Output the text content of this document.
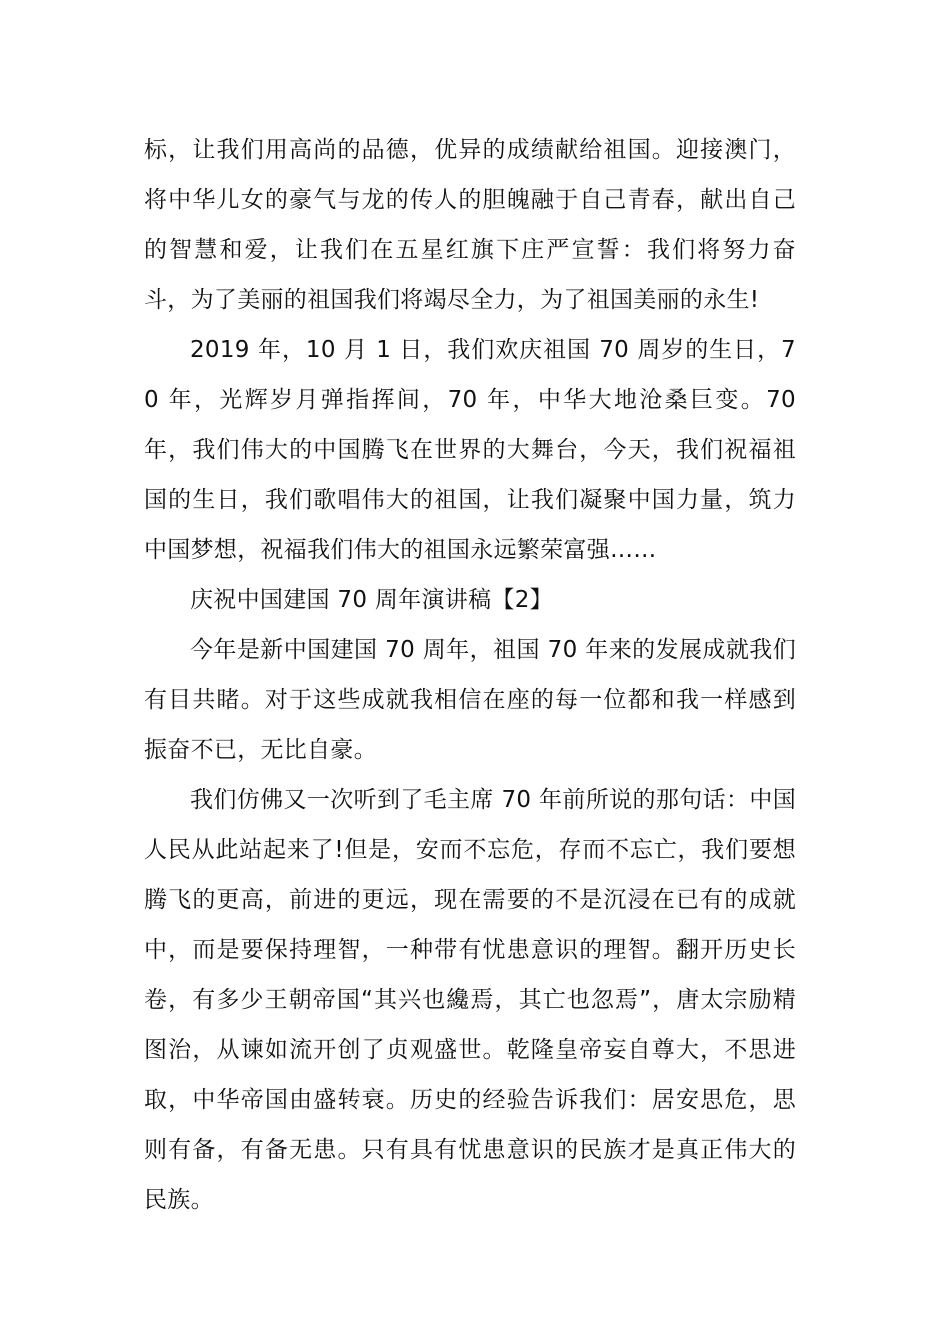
标，让我们用高尚的品德，优异的成绩献给祖国。迎接澳门，将中华儿女的豪气与龙的传人的胆魄融于自己青春，献出自己的智慧和爱，让我们在五星红旗下庄严宣誓：我们将努力奋斗，为了美丽的祖国我们将竭尽全力，为了祖国美丽的永生!

2019 年，10 月 1 日，我们欢庆祖国 70 周岁的生日，70 年，光辉岁月弹指挥间，70 年，中华大地沧桑巨变。70 年，我们伟大的中国腾飞在世界的大舞台，今天，我们祝福祖国的生日，我们歌唱伟大的祖国，让我们凝聚中国力量，筑力中国梦想，祝福我们伟大的祖国永远繁荣富强……

庆祝中国建国 70 周年演讲稿【2】

今年是新中国建国 70 周年，祖国 70 年来的发展成就我们有目共睹。对于这些成就我相信在座的每一位都和我一样感到振奋不已，无比自豪。

我们仿佛又一次听到了毛主席 70 年前所说的那句话：中国人民从此站起来了!但是，安而不忘危，存而不忘亡，我们要想腾飞的更高，前进的更远，现在需要的不是沉浸在已有的成就中，而是要保持理智，一种带有忧患意识的理智。翻开历史长卷，有多少王朝帝国“其兴也纔焉，其亡也忽焉”，唐太宗励精图治，从谏如流开创了贞观盛世。乾隆皇帝妄自尊大，不思进取，中华帝国由盛转衰。历史的经验告诉我们：居安思危，思则有备，有备无患。只有具有忧患意识的民族才是真正伟大的民族。
